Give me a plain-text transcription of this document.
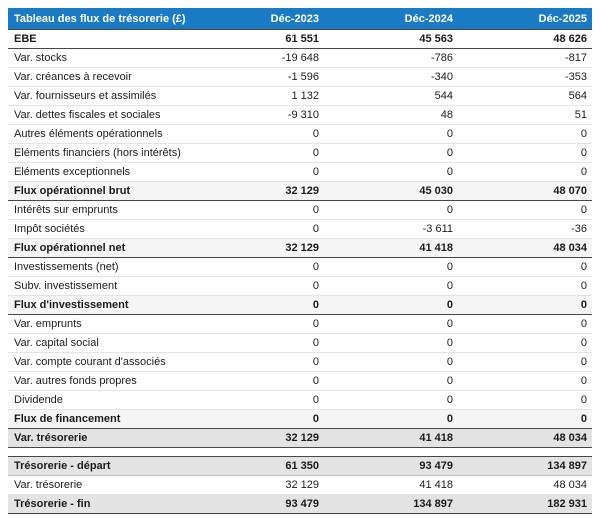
Tableau des flux de trésorerie (£)	Déc-2023	Déc-2024	Déc-2025
EBE	61 551	45 563	48 626
Var. stocks	-19 648	-786	-817
Var. créances à recevoir	-1 596	-340	-353
Var. fournisseurs et assimilés	1 132	544	564
Var. dettes fiscales et sociales	-9 310	48	51
Autres éléments opérationnels	0	0	0
Eléments financiers (hors intérêts)	0	0	0
Eléments exceptionnels	0	0	0
Flux opérationnel brut	32 129	45 030	48 070
Intérêts sur emprunts	0	0	0
Impôt sociétés	0	-3 611	-36
Flux opérationnel net	32 129	41 418	48 034
Investissements (net)	0	0	0
Subv. investissement	0	0	0
Flux d'investissement	0	0	0
Var. emprunts	0	0	0
Var. capital social	0	0	0
Var. compte courant d'associés	0	0	0
Var. autres fonds propres	0	0	0
Dividende	0	0	0
Flux de financement	0	0	0
Var. trésorerie	32 129	41 418	48 034

Trésorerie - départ	61 350	93 479	134 897
Var. trésorerie	32 129	41 418	48 034
Trésorerie - fin	93 479	134 897	182 931
